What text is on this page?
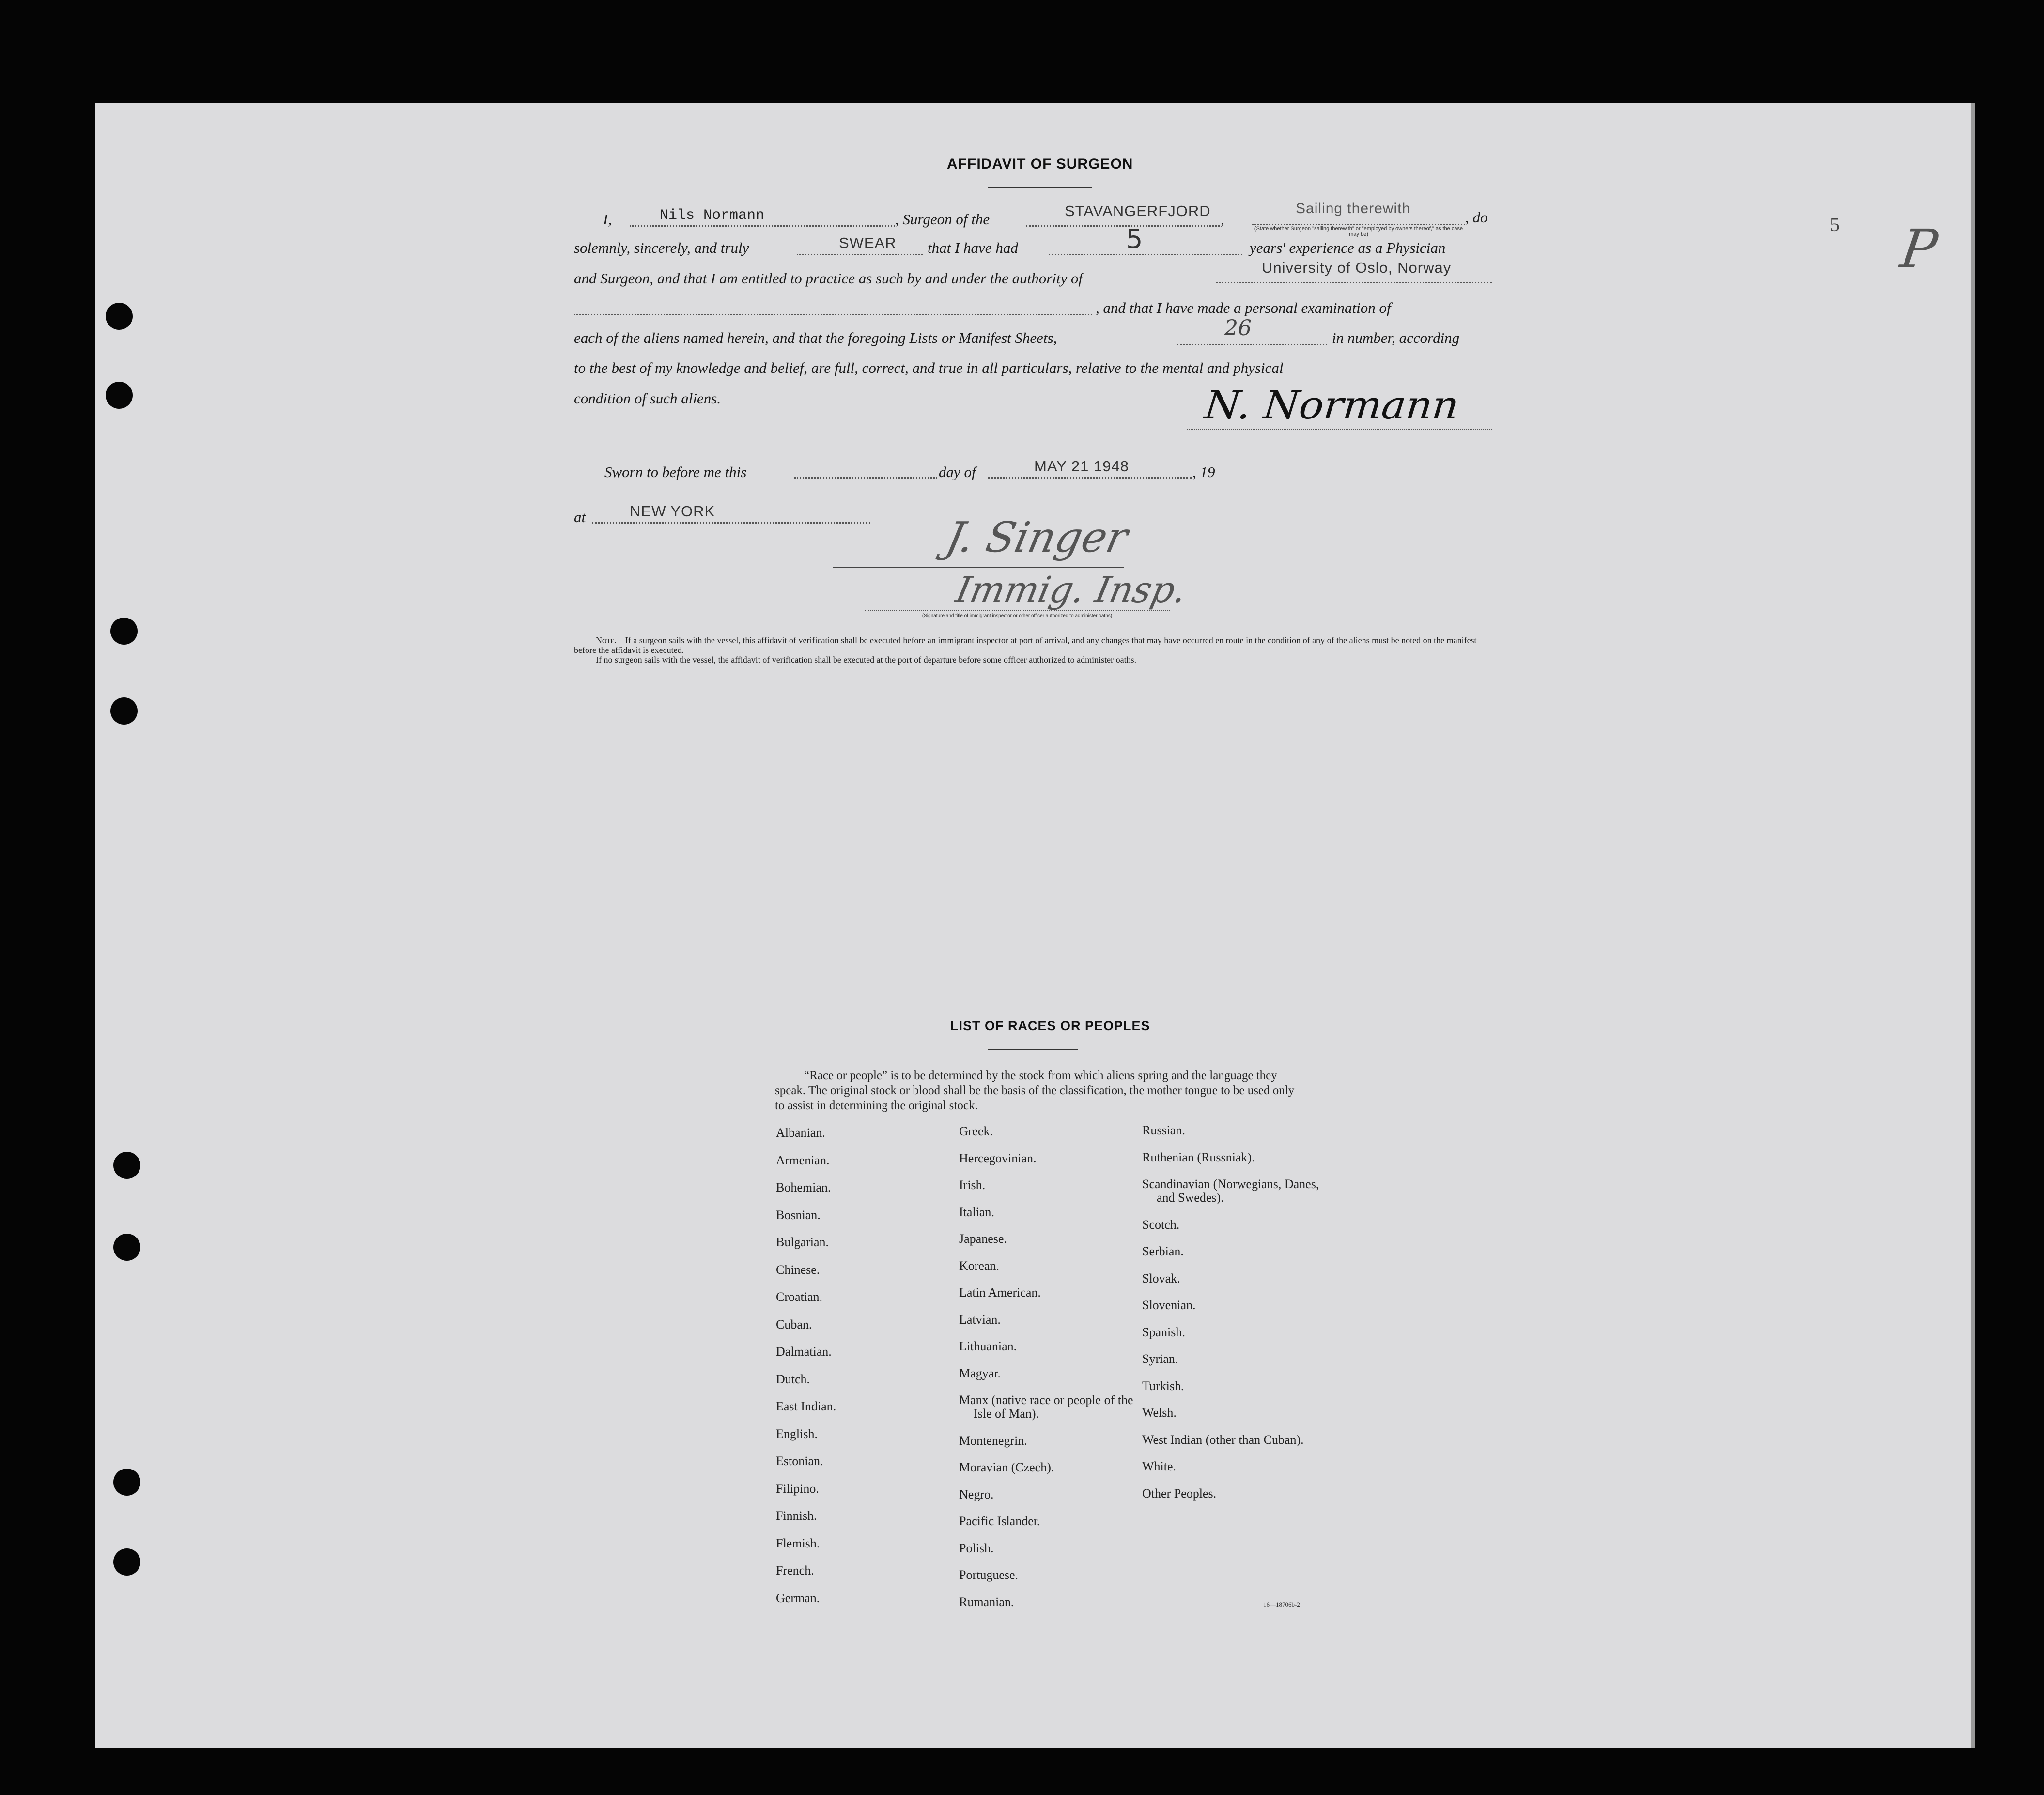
5 P
AFFIDAVIT OF SURGEON
I,	Nils Normann	, Surgeon of the	STAVANGERFJORD ,
Sailing therewith
(State whether Surgeon "sailing therewith" or "employed by owners thereof," as the case may be)
, do
solemnly, sincerely, and truly	SWEAR that I have had	5	years' experience as a Physician
and Surgeon, and that I am entitled to practice as such by and under the authority of
University of Oslo, Norway
, and that I have made a personal examination of
each of the aliens named herein, and that the foregoing Lists or Manifest Sheets,	26	in number, according
to the best of my knowledge and belief, are full, correct, and true in all particulars, relative to the mental and physical
condition of such aliens.	N. Normann
Sworn to before me this	day of	MAY 21 1948	, 19
at	NEW YORK
J. Singer
Immig. Insp.
(Signature and title of immigrant inspector or other officer authorized to administer oaths)
Note.—If a surgeon sails with the vessel, this affidavit of verification shall be executed before an immigrant inspector at port of arrival, and any changes that may have occurred en route in the condition of any of the aliens must be noted on the manifest before the affidavit is executed.
If no surgeon sails with the vessel, the affidavit of verification shall be executed at the port of departure before some officer authorized to administer oaths.
LIST OF RACES OR PEOPLES
“Race or people” is to be determined by the stock from which aliens spring and the language they speak. The original stock or blood shall be the basis of the classification, the mother tongue to be used only to assist in determining the original stock.
Albanian.
Armenian.
Bohemian.
Bosnian.
Bulgarian.
Chinese.
Croatian.
Cuban.
Dalmatian.
Dutch.
East Indian.
English.
Estonian.
Filipino.
Finnish.
Flemish.
French.
German.
Greek.
Hercegovinian.
Irish.
Italian.
Japanese.
Korean.
Latin American.
Latvian.
Lithuanian.
Magyar.
Manx (native race or people of the Isle of Man).
Montenegrin.
Moravian (Czech).
Negro.
Pacific Islander.
Polish.
Portuguese.
Rumanian.
Russian.
Ruthenian (Russniak).
Scandinavian (Norwegians, Danes, and Swedes).
Scotch.
Serbian.
Slovak.
Slovenian.
Spanish.
Syrian.
Turkish.
Welsh.
West Indian (other than Cuban).
White.
Other Peoples.
16—18706b-2
